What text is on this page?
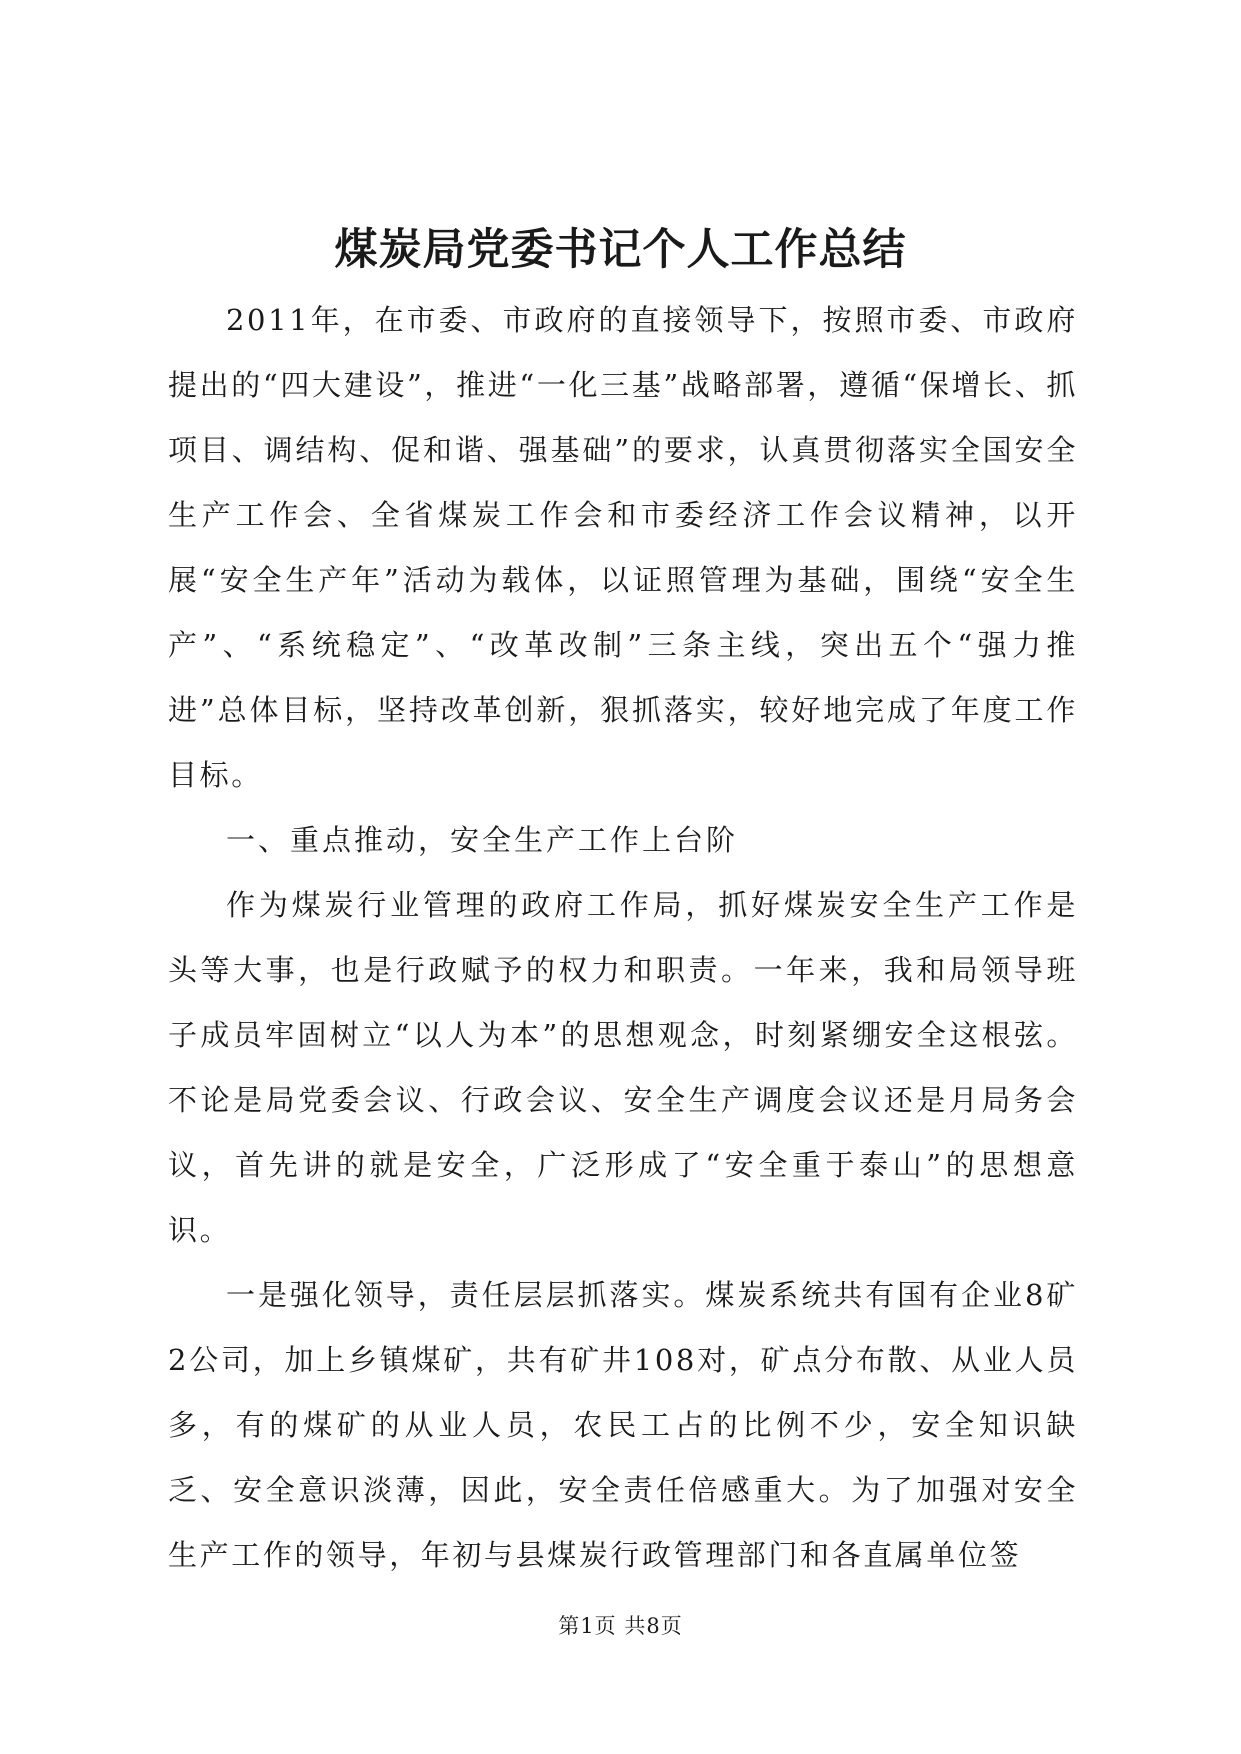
煤炭局党委书记个人工作总结

2011年，在市委、市政府的直接领导下，按照市委、市政府提出的“四大建设”，推进“一化三基”战略部署，遵循“保增长、抓项目、调结构、促和谐、强基础”的要求，认真贯彻落实全国安全生产工作会、全省煤炭工作会和市委经济工作会议精神，以开展“安全生产年”活动为载体，以证照管理为基础，围绕“安全生产”、“系统稳定”、“改革改制”三条主线，突出五个“强力推进”总体目标，坚持改革创新，狠抓落实，较好地完成了年度工作目标。

一、重点推动，安全生产工作上台阶

作为煤炭行业管理的政府工作局，抓好煤炭安全生产工作是头等大事，也是行政赋予的权力和职责。一年来，我和局领导班子成员牢固树立“以人为本”的思想观念，时刻紧绷安全这根弦。不论是局党委会议、行政会议、安全生产调度会议还是月局务会议，首先讲的就是安全，广泛形成了“安全重于泰山”的思想意识。

一是强化领导，责任层层抓落实。煤炭系统共有国有企业8矿2公司，加上乡镇煤矿，共有矿井108对，矿点分布散、从业人员多，有的煤矿的从业人员，农民工占的比例不少，安全知识缺乏、安全意识淡薄，因此，安全责任倍感重大。为了加强对安全生产工作的领导，年初与县煤炭行政管理部门和各直属单位签

第1页 共8页
